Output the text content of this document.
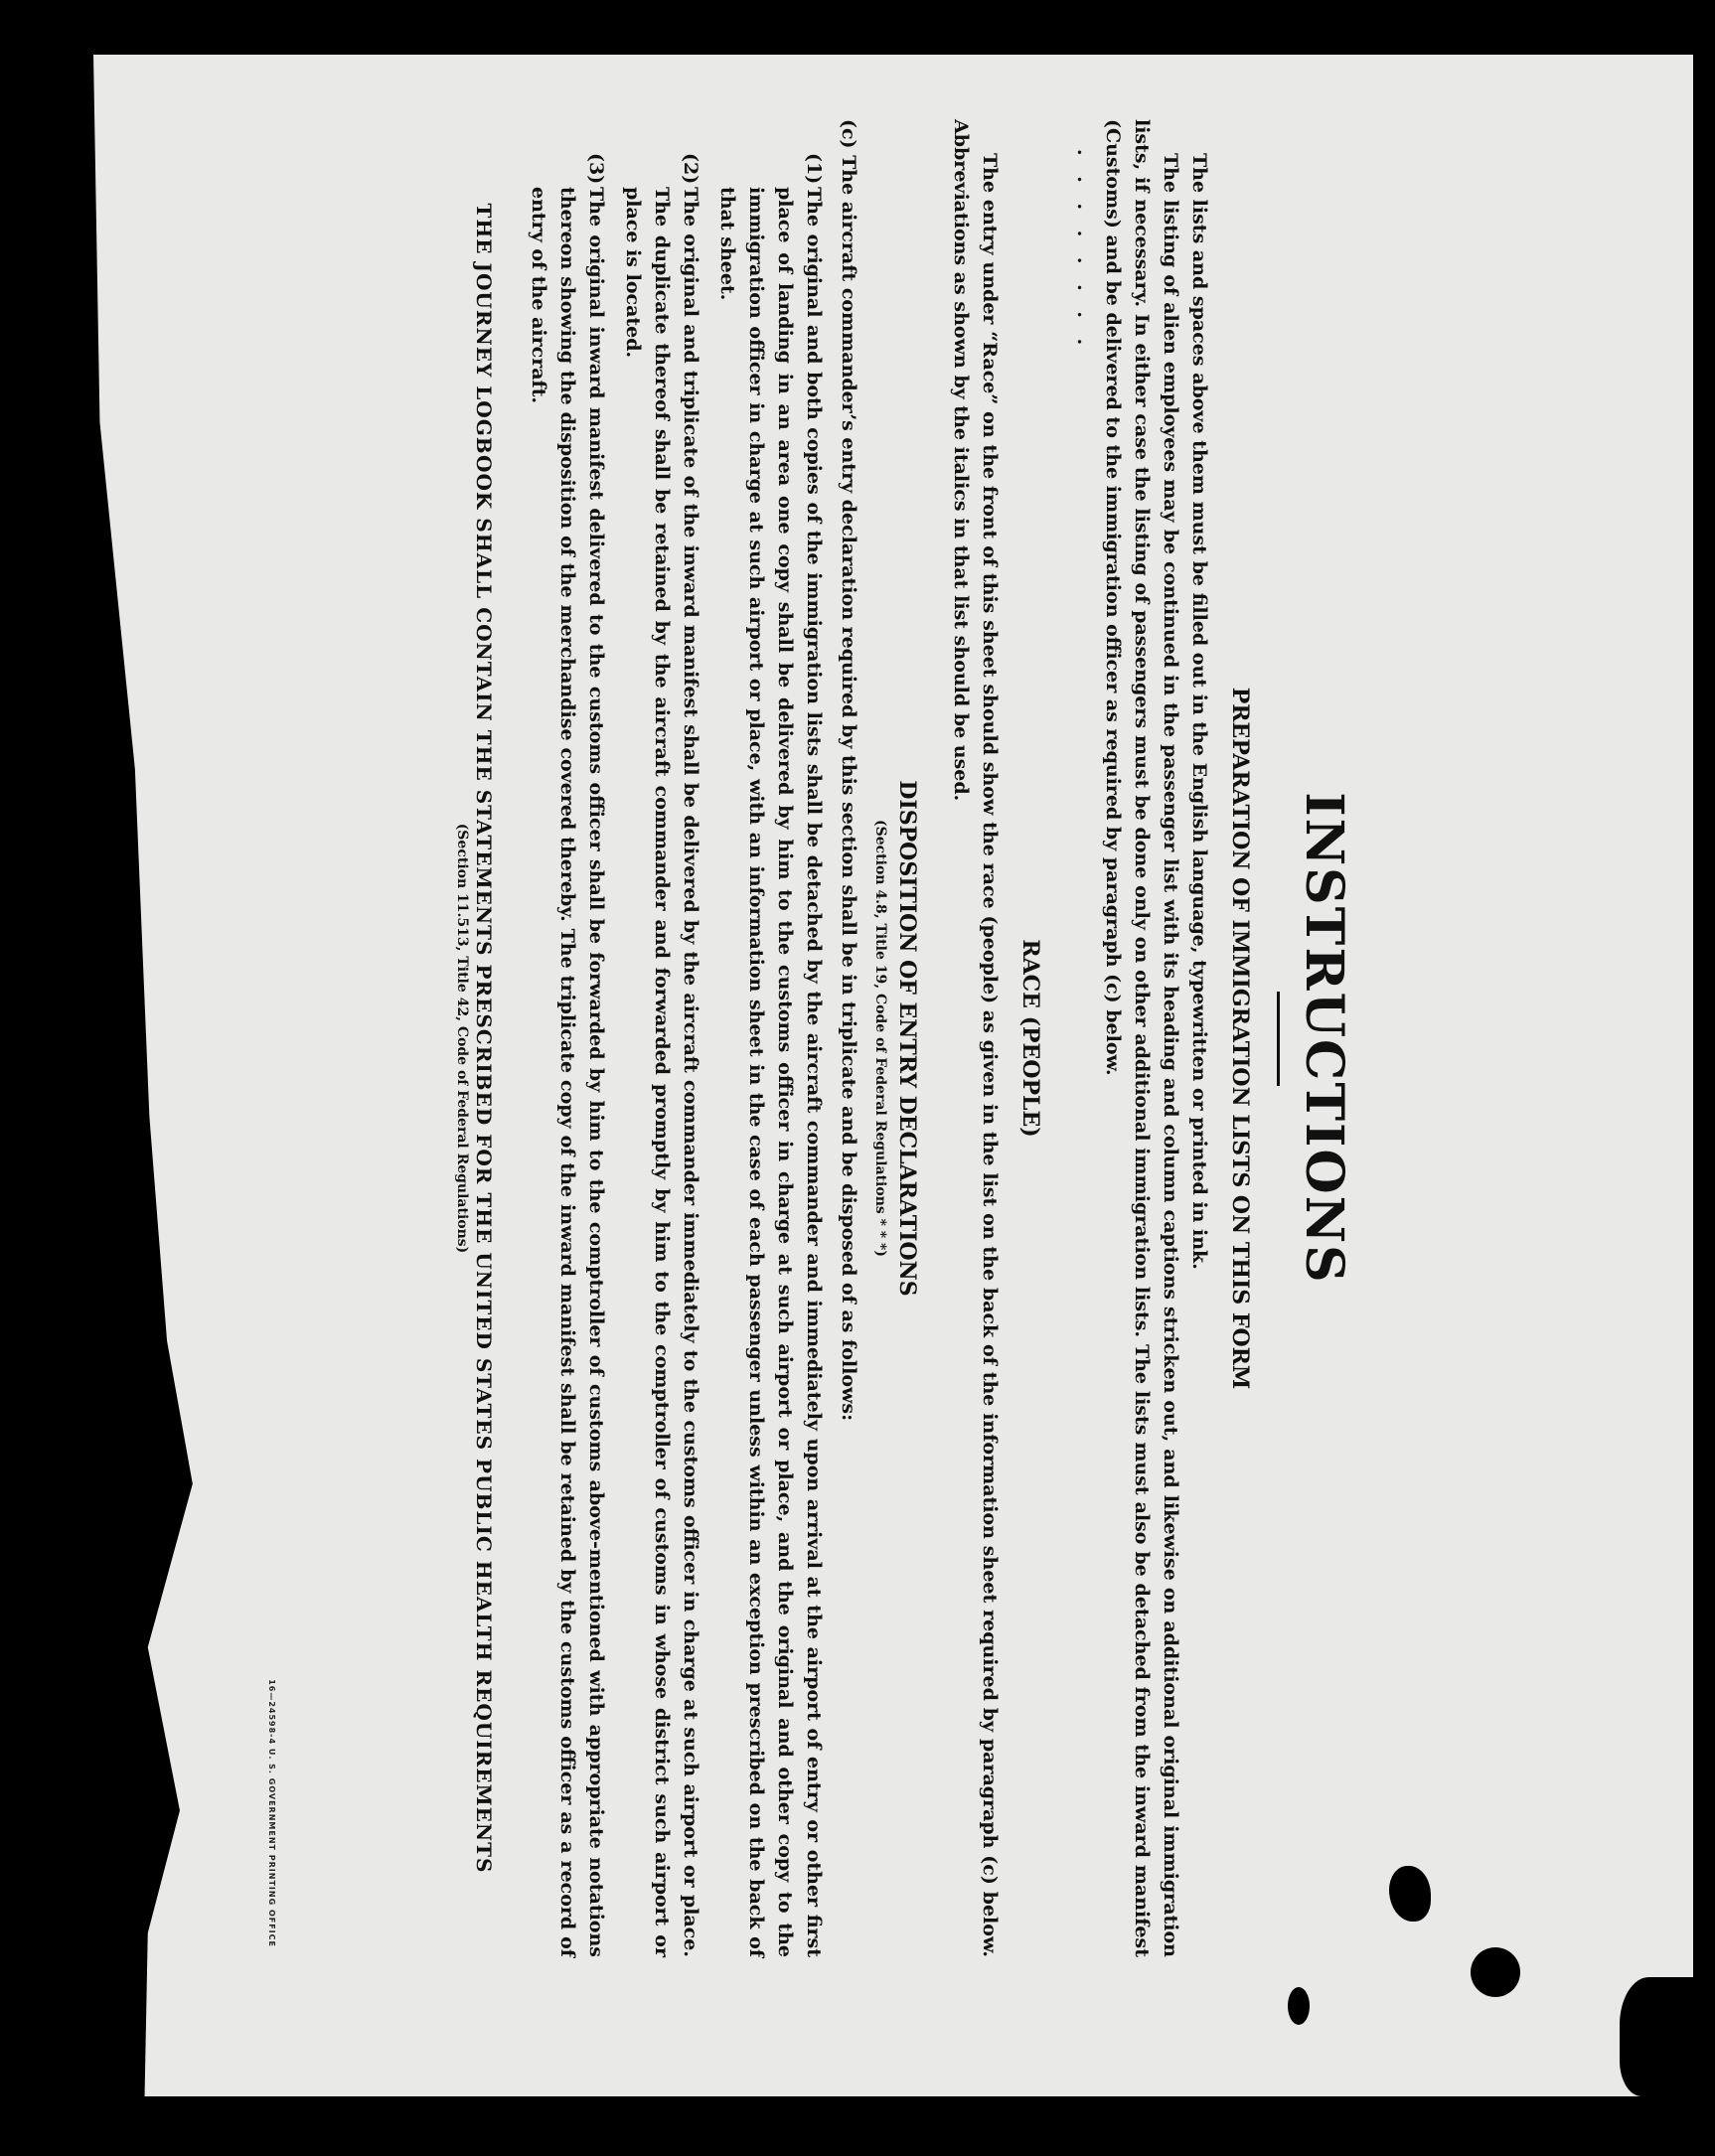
INSTRUCTIONS
PREPARATION OF IMMIGRATION LISTS ON THIS FORM

The lists and spaces above them must be filled out in the English language, typewritten or printed in ink.

The listing of alien employees may be continued in the passenger list with its heading and column captions stricken out, and likewise on additional original immigration lists, if necessary. In either case the listing of passengers must be done only on other additional immigration lists. The lists must also be detached from the inward manifest (Customs) and be delivered to the immigration officer as required by paragraph (c) below.

. . . . . . . .
RACE (PEOPLE)

The entry under “Race” on the front of this sheet should show the race (people) as given in the list on the back of the information sheet required by paragraph (c) below. Abbreviations as shown by the italics in that list should be used.

DISPOSITION OF ENTRY DECLARATIONS
(Section 4.8, Title 19, Code of Federal Regulations * * *)

(c) The aircraft commander’s entry declaration required by this section shall be in triplicate and be disposed of as follows:

(1)
The original and both copies of the immigration lists shall be detached by the aircraft commander and immediately upon arrival at the airport of entry or other first place of landing in an area one copy shall be delivered by him to the customs officer in charge at such airport or place, and the original and other copy to the immigration officer in charge at such airport or place, with an information sheet in the case of each passenger unless within an exception prescribed on the back of that sheet.
(2)
The original and triplicate of the inward manifest shall be delivered by the aircraft commander immediately to the customs officer in charge at such airport or place. The duplicate thereof shall be retained by the aircraft commander and forwarded promptly by him to the comptroller of customs in whose district such airport or place is located.
(3)
The original inward manifest delivered to the customs officer shall be forwarded by him to the comptroller of customs above-mentioned with appropriate notations thereon showing the disposition of the merchandise covered thereby. The triplicate copy of the inward manifest shall be retained by the customs officer as a record of entry of the aircraft.
THE JOURNEY LOGBOOK SHALL CONTAIN THE STATEMENTS PRESCRIBED FOR THE UNITED STATES PUBLIC HEALTH REQUIREMENTS
(Section 11.513, Title 42, Code of Federal Regulations)
16—24598-4 U. S. GOVERNMENT PRINTING OFFICE
